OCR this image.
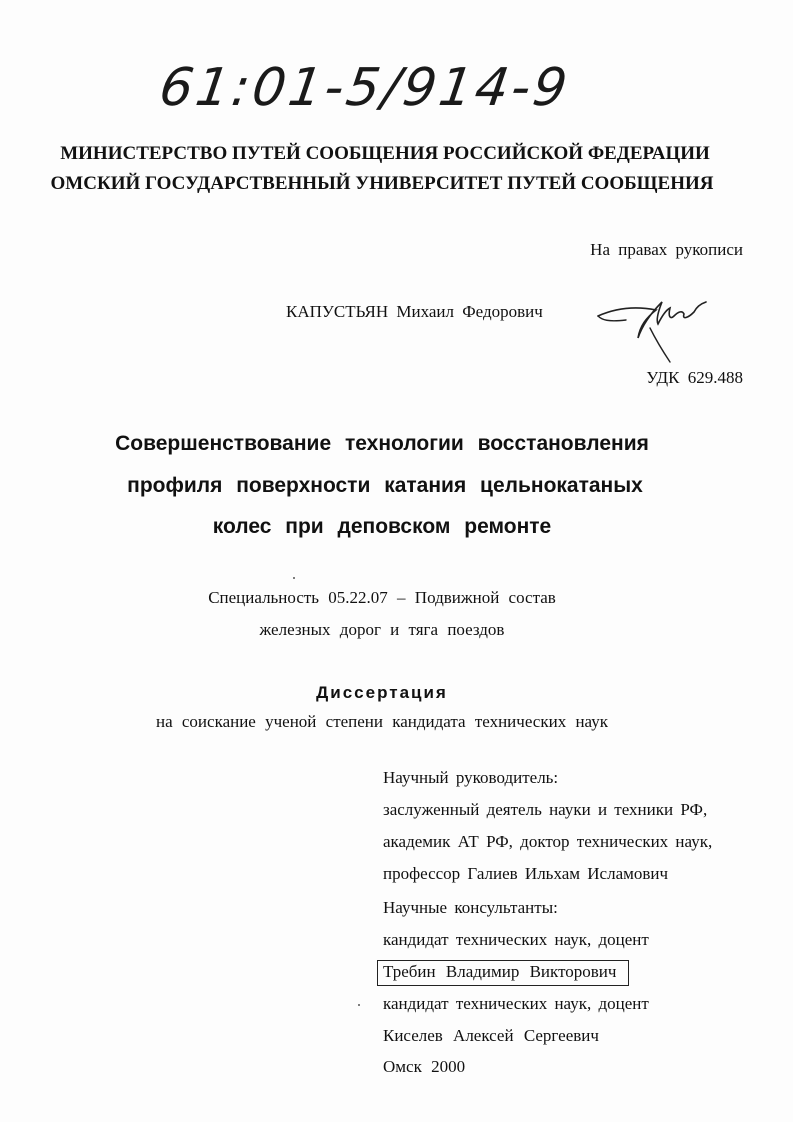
61:01-5/914-9
МИНИСТЕРСТВО ПУТЕЙ СООБЩЕНИЯ РОССИЙСКОЙ ФЕДЕРАЦИИ
ОМСКИЙ ГОСУДАРСТВЕННЫЙ УНИВЕРСИТЕТ ПУТЕЙ СООБЩЕНИЯ
На правах рукописи
КАПУСТЬЯН Михаил Федорович
УДК 629.488
Совершенствование технологии восстановления
профиля поверхности катания цельнокатаных
колес при деповском ремонте
Специальность 05.22.07 – Подвижной состав
железных дорог и тяга поездов
Диссертация
на соискание ученой степени кандидата технических наук
Научный руководитель:
заслуженный деятель науки и техники РФ,
академик АТ РФ, доктор технических наук,
профессор Галиев Ильхам Исламович
Научные консультанты:
кандидат технических наук, доцент
Требин Владимир Викторович
кандидат технических наук, доцент
Киселев Алексей Сергеевич
Омск 2000
